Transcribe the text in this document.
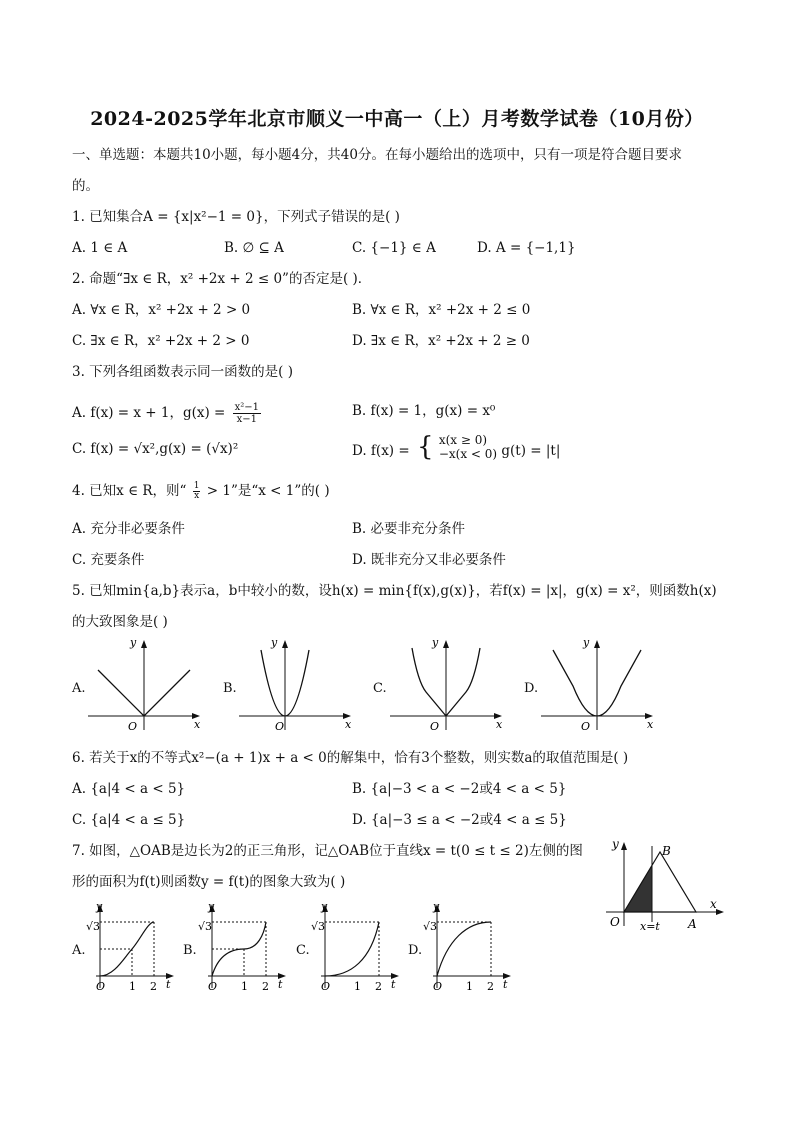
2024-2025学年北京市顺义一中高一（上）月考数学试卷（10月份）
一、单选题：本题共10小题，每小题4分，共40分。在每小题给出的选项中，只有一项是符合题目要求
的。
1. 已知集合A = {x|x²−1 = 0}，下列式子错误的是( )
A. 1 ∈ A	B. ∅ ⊆ A	C. {−1} ∈ A	D. A = {−1,1}
2. 命题“∃x ∈ R，x² +2x + 2 ≤ 0”的否定是( )．
A. ∀x ∈ R，x² +2x + 2 > 0	B. ∀x ∈ R，x² +2x + 2 ≤ 0
C. ∃x ∈ R，x² +2x + 2 > 0	D. ∃x ∈ R，x² +2x + 2 ≥ 0
3. 下列各组函数表示同一函数的是( )
A. f(x) = x + 1，$g(x) = \frac{\text{x²−1}}{x-1}$	B. f(x) = 1，g(x) = x⁰
C. f(x) = √x²,g(x) = (√x)²	D. f(x) = { x(x ≥ 0)
−x(x < 0) g(t) = |t|
4. 已知x ∈ R，则“ $\frac{1}{x} > 1$”是“x < 1”的( )
A. 充分非必要条件	B. 必要非充分条件
C. 充要条件	D. 既非充分又非必要条件
5. 已知min{a,b}表示a，b中较小的数，设h(x) = min{f(x),g(x)}，若f(x) = |x|，g(x) = x²，则函数h(x)
的大致图象是( )
A.
y
x
O
B.
y
x
O
C.
y
x
O
D.
y
x
O
6. 若关于x的不等式x²−(a + 1)x + a < 0的解集中，恰有3个整数，则实数a的取值范围是( )
A. {a|4 < a < 5}	B. {a|−3 < a < −2或4 < a < 5}
C. {a|4 < a ≤ 5}	D. {a|−3 ≤ a < −2或4 < a ≤ 5}
7. 如图，△OAB是边长为2的正三角形，记△OAB位于直线x = t(0 ≤ t ≤ 2)左侧的图
形的面积为f(t)则函数y = f(t)的图象大致为( )
y
x
O	A
B
x=t
A.
√3
y
O 1 2 t
B.
√3
y
O 1 2 t
C.
√3
y
O 1 2 t
D.
√3
y
O 1 2 t
